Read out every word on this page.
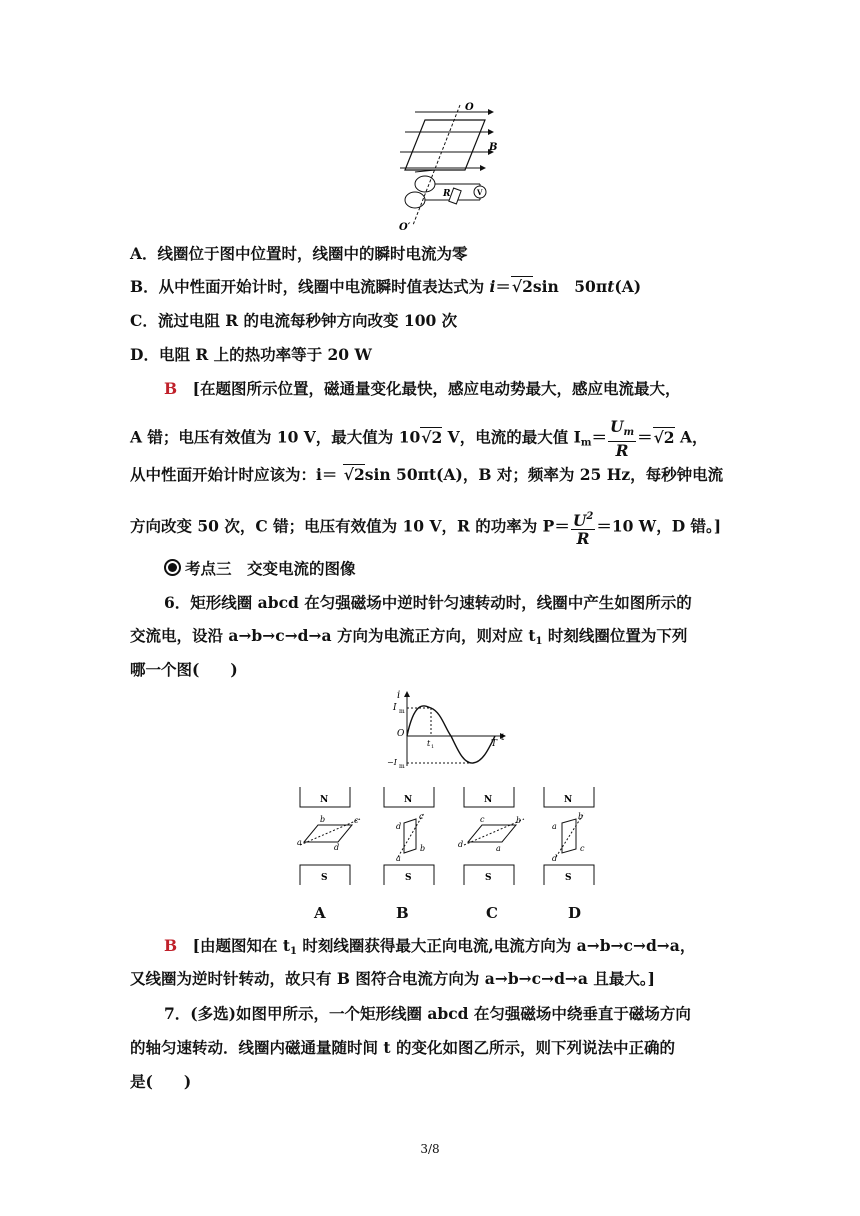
O
B
R	V
O′
A．线圈位于图中位置时，线圈中的瞬时电流为零
B．从中性面开始计时，线圈中电流瞬时值表达式为 i＝ √ 2sin　50πt(A)
C．流过电阻 R 的电流每秒钟方向改变 100 次
D．电阻 R 上的热功率等于 20 W
B　 [在题图所示位置，磁通量变化最快，感应电动势最大，感应电流最大，
A 错；电压有效值为 10 V，最大值为 10 √ 2 V，电流的最大值 $I_m= \frac{U_m}{R}$ ＝ √ 2 A，
从中性面开始计时应该为：i＝ √ 2sin 50πt(A)，B 对；频率为 25 Hz，每秒钟电流
方向改变 50 次，C 错；电压有效值为 10 V，R 的功率为 $P= \frac{U^2}{R} =10$ W，D 错。]
考点三　交变电流的图像
6．矩形线圈 abcd 在匀强磁场中逆时针匀速转动时，线圈中产生如图所示的
交流电，设沿 a→b→c→d→a 方向为电流正方向，则对应 $t_1$ 时刻线圈位置为下列
哪一个图(　　)
i
I m
O
t 1	T
t
−I m
N
S
b	c
a
d
N
S
d
c
a
b
N
S
c	b
d	a
N
S
a
b
d
c
A	B	C	D
B　 [由题图知在 $t_1$ 时刻线圈获得最大正向电流,电流方向为 a→b→c→d→a，
又线圈为逆时针转动，故只有 B 图符合电流方向为 a→b→c→d→a 且最大。]
7．(多选)如图甲所示，一个矩形线圈 abcd 在匀强磁场中绕垂直于磁场方向
的轴匀速转动．线圈内磁通量随时间 t 的变化如图乙所示，则下列说法中正确的
是(　　)
3/8
